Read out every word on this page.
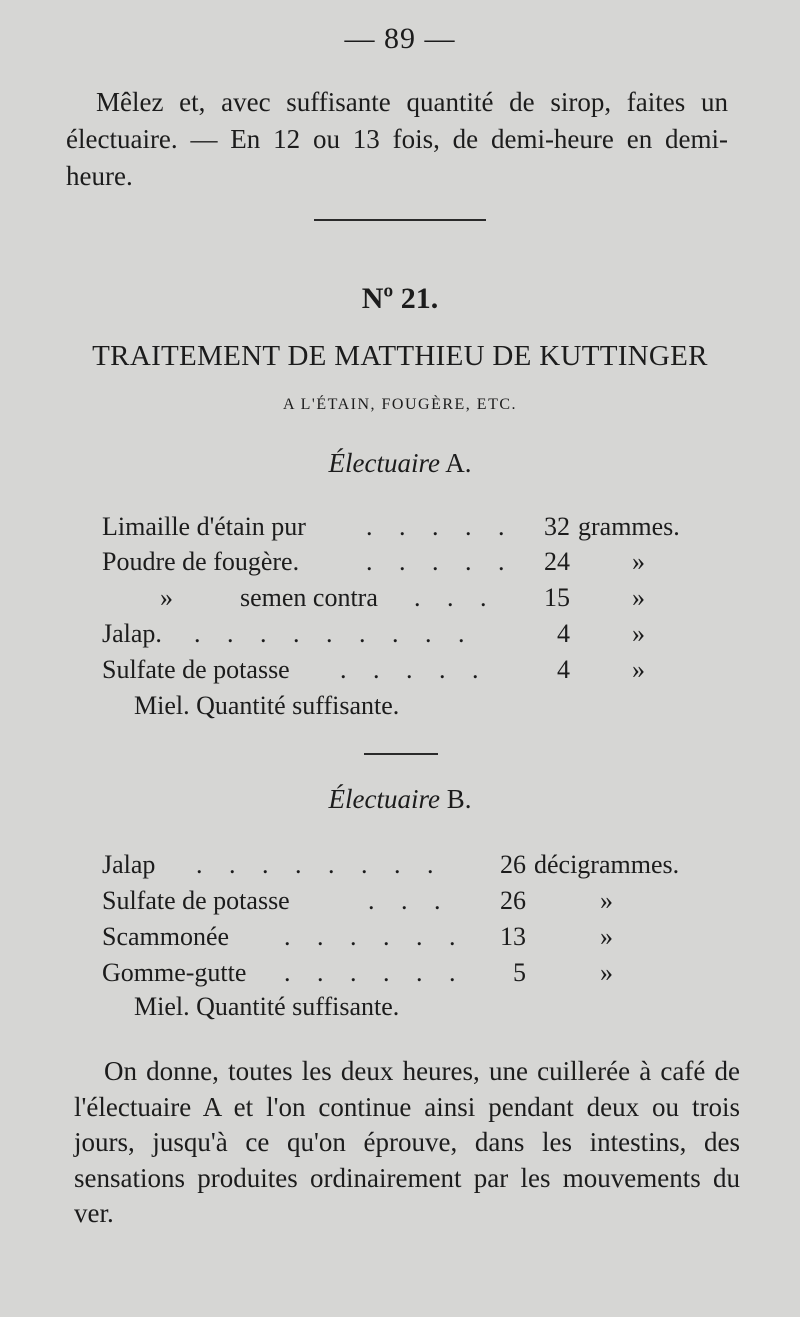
— 89 —

Mêlez et, avec suffisante quantité de sirop, faites un électuaire. — En 12 ou 13 fois, de demi-heure en demi-heure.

Nº 21.
TRAITEMENT DE MATTHIEU DE KUTTINGER
A L'ÉTAIN, FOUGÈRE, ETC.
Électuaire A.
Limaille d'étain pur . . . . .	32 grammes.
Poudre de fougère.	. . . . .	24 »
»	semen contra . . .	15 »
Jalap. . . . . . . . . .	4 »
Sulfate de potasse . . . . .	4 »
Miel. Quantité suffisante.
Électuaire B.
Jalap . . . . . . . .	26 décigrammes.
Sulfate de potasse	. . .	26	»
Scammonée . . . . . .	13	»
Gomme-gutte . . . . . .	5	»
Miel. Quantité suffisante.

On donne, toutes les deux heures, une cuillerée à café de l'électuaire A et l'on continue ainsi pendant deux ou trois jours, jusqu'à ce qu'on éprouve, dans les intestins, des sensations produites ordinairement par les mouvements du ver.
